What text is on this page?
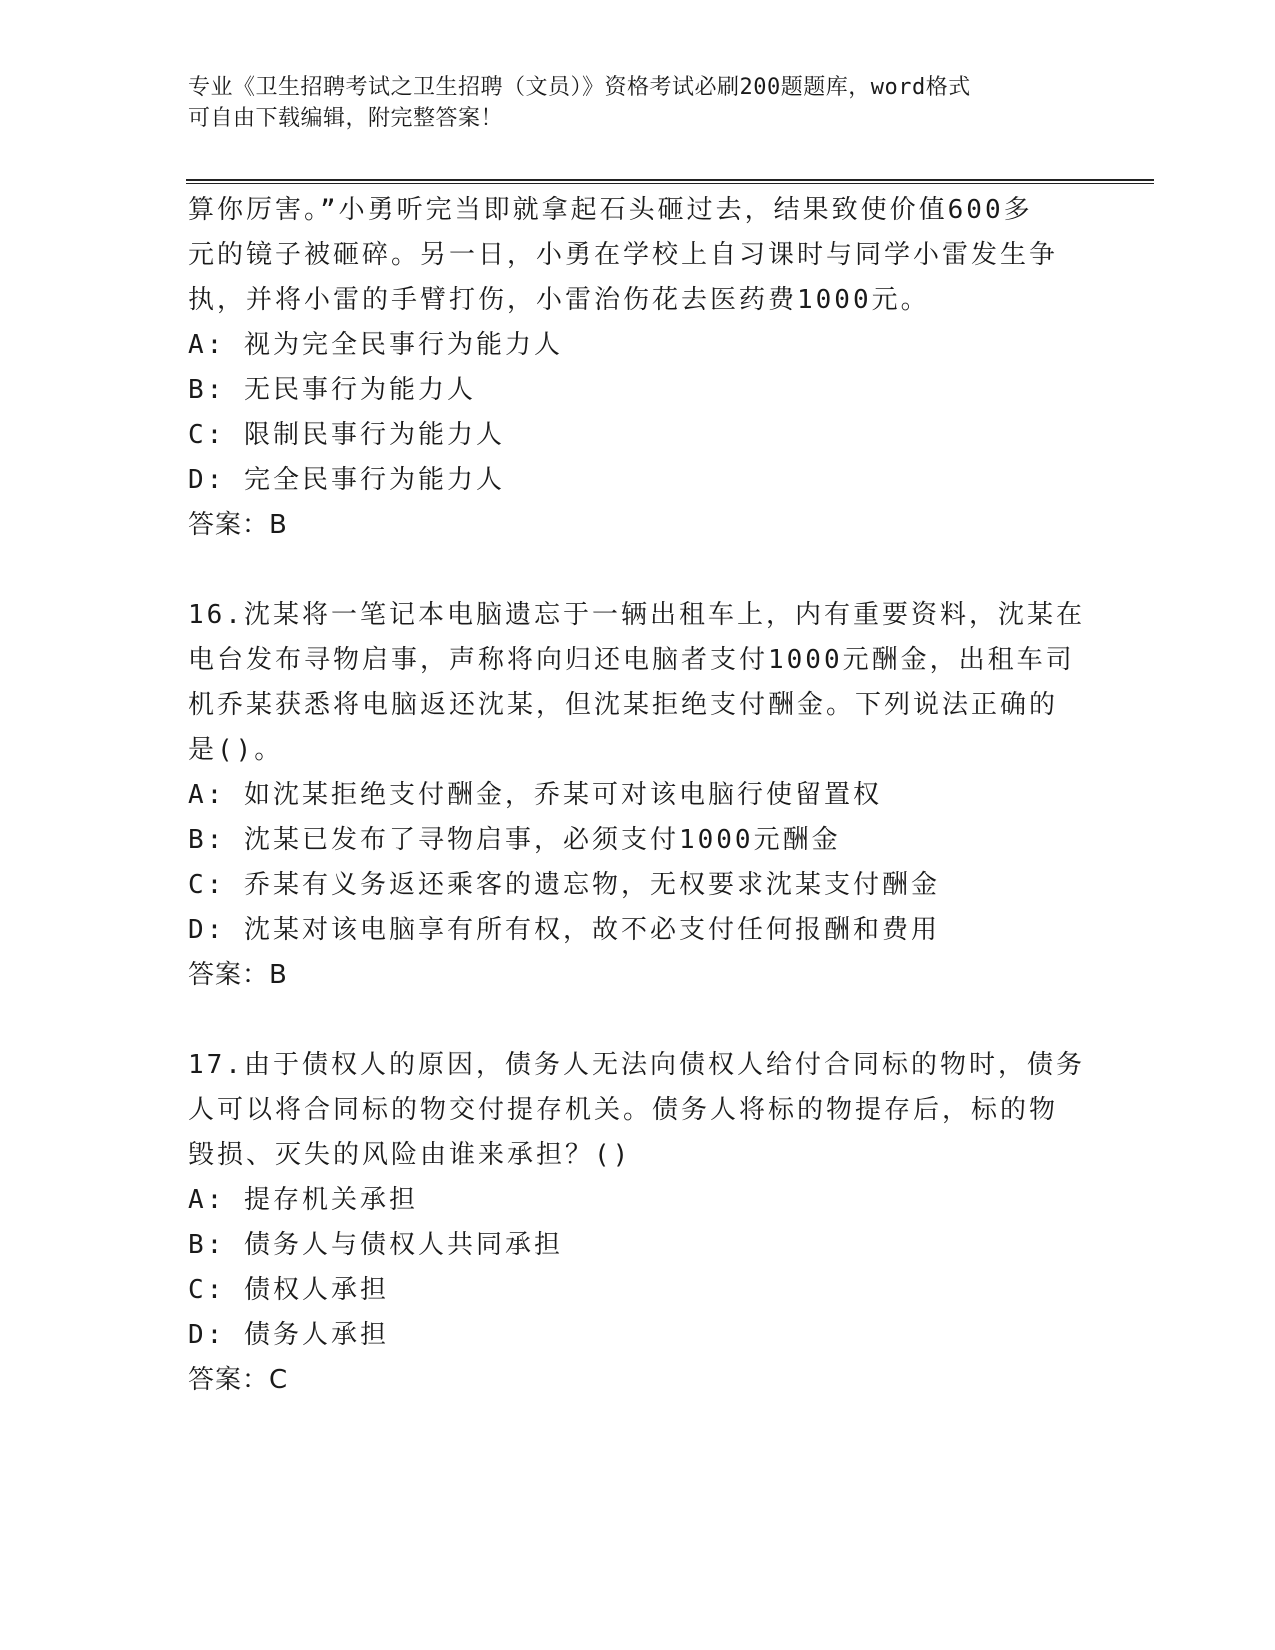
专业《卫生招聘考试之卫生招聘（文员）》资格考试必刷200题题库，word格式
可自由下载编辑，附完整答案！
算你厉害。”小勇听完当即就拿起石头砸过去，结果致使价值600多
元的镜子被砸碎。另一日，小勇在学校上自习课时与同学小雷发生争
执，并将小雷的手臂打伤，小雷治伤花去医药费1000元。
A: 视为完全民事行为能力人
B: 无民事行为能力人
C: 限制民事行为能力人
D: 完全民事行为能力人
答案：B
16.沈某将一笔记本电脑遗忘于一辆出租车上，内有重要资料，沈某在
电台发布寻物启事，声称将向归还电脑者支付1000元酬金，出租车司
机乔某获悉将电脑返还沈某，但沈某拒绝支付酬金。下列说法正确的
是()。
A: 如沈某拒绝支付酬金，乔某可对该电脑行使留置权
B: 沈某已发布了寻物启事，必须支付1000元酬金
C: 乔某有义务返还乘客的遗忘物，无权要求沈某支付酬金
D: 沈某对该电脑享有所有权，故不必支付任何报酬和费用
答案：B
17.由于债权人的原因，债务人无法向债权人给付合同标的物时，债务
人可以将合同标的物交付提存机关。债务人将标的物提存后，标的物
毁损、灭失的风险由谁来承担？()
A: 提存机关承担
B: 债务人与债权人共同承担
C: 债权人承担
D: 债务人承担
答案：C
